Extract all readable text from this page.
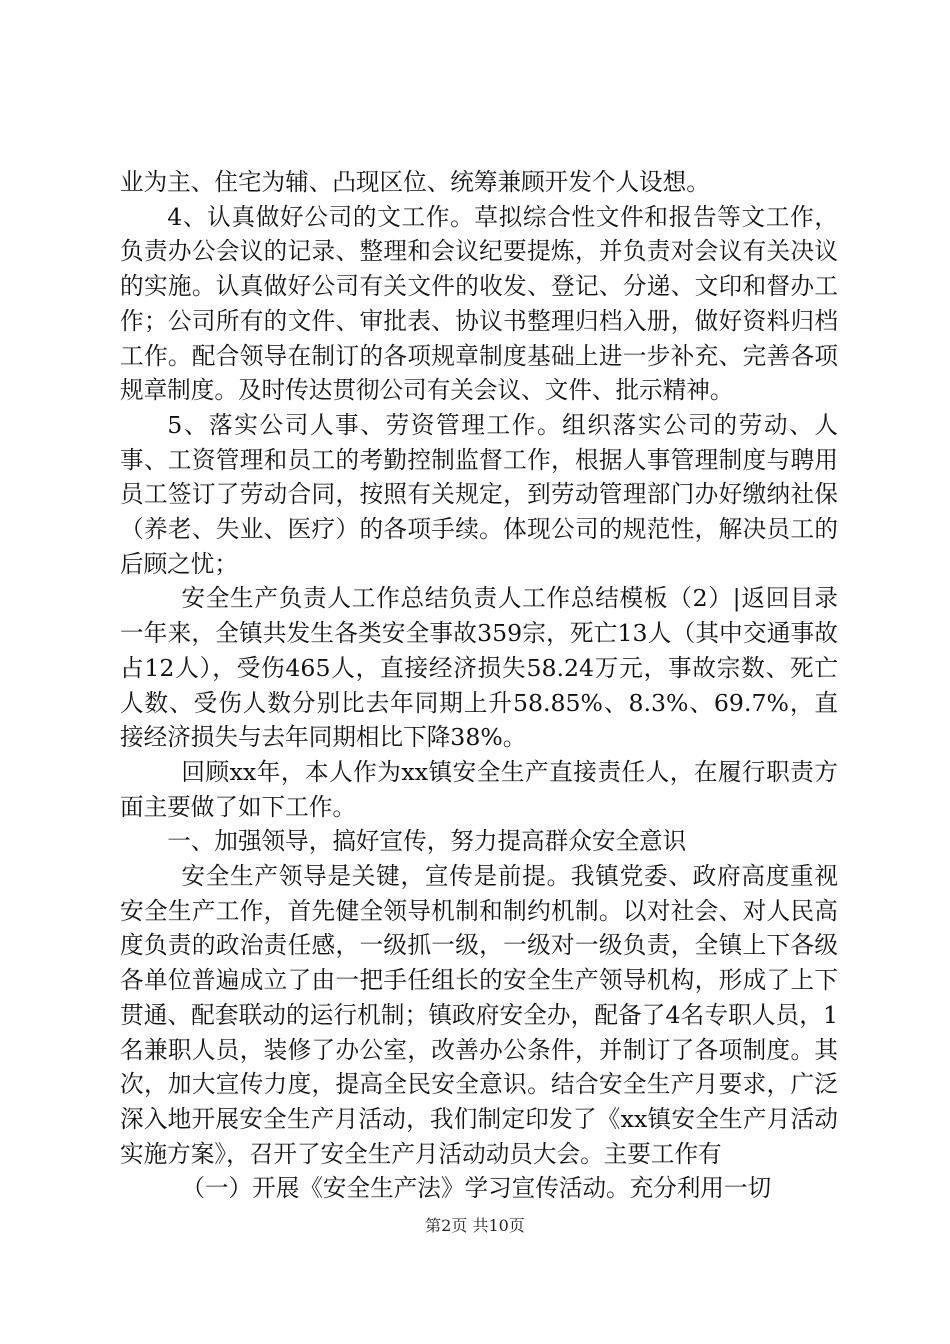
业为主、住宅为辅、凸现区位、统筹兼顾开发个人设想。

4、认真做好公司的文工作。草拟综合性文件和报告等文工作，负责办公会议的记录、整理和会议纪要提炼，并负责对会议有关决议的实施。认真做好公司有关文件的收发、登记、分递、文印和督办工作；公司所有的文件、审批表、协议书整理归档入册，做好资料归档工作。配合领导在制订的各项规章制度基础上进一步补充、完善各项规章制度。及时传达贯彻公司有关会议、文件、批示精神。

5、落实公司人事、劳资管理工作。组织落实公司的劳动、人事、工资管理和员工的考勤控制监督工作，根据人事管理制度与聘用员工签订了劳动合同，按照有关规定，到劳动管理部门办好缴纳社保（养老、失业、医疗）的各项手续。体现公司的规范性，解决员工的后顾之忧；

安全生产负责人工作总结负责人工作总结模板（2）|返回目录一年来，全镇共发生各类安全事故359宗，死亡13人（其中交通事故占12人），受伤465人，直接经济损失58.24万元，事故宗数、死亡人数、受伤人数分别比去年同期上升58.85%、8.3%、69.7%，直接经济损失与去年同期相比下降38%。

回顾xx年，本人作为xx镇安全生产直接责任人，在履行职责方面主要做了如下工作。

一、加强领导，搞好宣传，努力提高群众安全意识

安全生产领导是关键，宣传是前提。我镇党委、政府高度重视安全生产工作，首先健全领导机制和制约机制。以对社会、对人民高度负责的政治责任感，一级抓一级，一级对一级负责，全镇上下各级各单位普遍成立了由一把手任组长的安全生产领导机构，形成了上下贯通、配套联动的运行机制；镇政府安全办，配备了4名专职人员，1名兼职人员，装修了办公室，改善办公条件，并制订了各项制度。其次，加大宣传力度，提高全民安全意识。结合安全生产月要求，广泛深入地开展安全生产月活动，我们制定印发了《xx镇安全生产月活动实施方案》，召开了安全生产月活动动员大会。主要工作有

（一）开展《安全生产法》学习宣传活动。充分利用一切

第2页 共10页
